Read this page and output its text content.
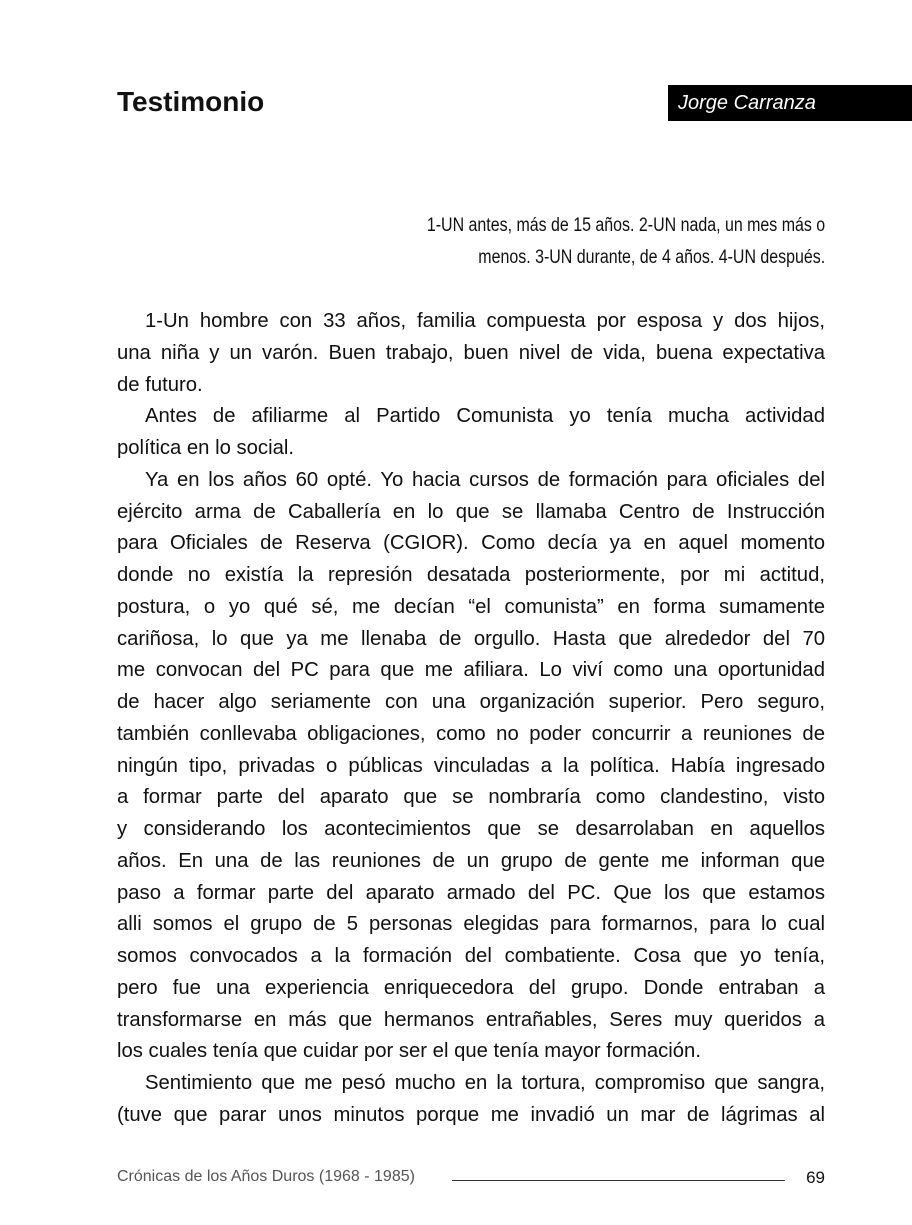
Testimonio	Jorge Carranza
1-UN antes, más de 15 años. 2-UN nada, un mes más o
menos. 3-UN durante, de 4 años. 4-UN después.
1-Un hombre con 33 años, familia compuesta por esposa y dos hijos,
una niña y un varón. Buen trabajo, buen nivel de vida, buena expectativa
de futuro.
Antes de afiliarme al Partido Comunista yo tenía mucha actividad
política en lo social.
Ya en los años 60 opté. Yo hacia cursos de formación para oficiales del
ejército arma de Caballería en lo que se llamaba Centro de Instrucción
para Oficiales de Reserva (CGIOR). Como decía ya en aquel momento
donde no existía la represión desatada posteriormente, por mi actitud,
postura, o yo qué sé, me decían “el comunista” en forma sumamente
cariñosa, lo que ya me llenaba de orgullo. Hasta que alrededor del 70
me convocan del PC para que me afiliara. Lo viví como una oportunidad
de hacer algo seriamente con una organización superior. Pero seguro,
también conllevaba obligaciones, como no poder concurrir a reuniones de
ningún tipo, privadas o públicas vinculadas a la política. Había ingresado
a formar parte del aparato que se nombraría como clandestino, visto
y considerando los acontecimientos que se desarrolaban en aquellos
años. En una de las reuniones de un grupo de gente me informan que
paso a formar parte del aparato armado del PC. Que los que estamos
alli somos el grupo de 5 personas elegidas para formarnos, para lo cual
somos convocados a la formación del combatiente. Cosa que yo tenía,
pero fue una experiencia enriquecedora del grupo. Donde entraban a
transformarse en más que hermanos entrañables, Seres muy queridos a
los cuales tenía que cuidar por ser el que tenía mayor formación.
Sentimiento que me pesó mucho en la tortura, compromiso que sangra,
(tuve que parar unos minutos porque me invadió un mar de lágrimas al
Crónicas de los Años Duros (1968 - 1985)	69
